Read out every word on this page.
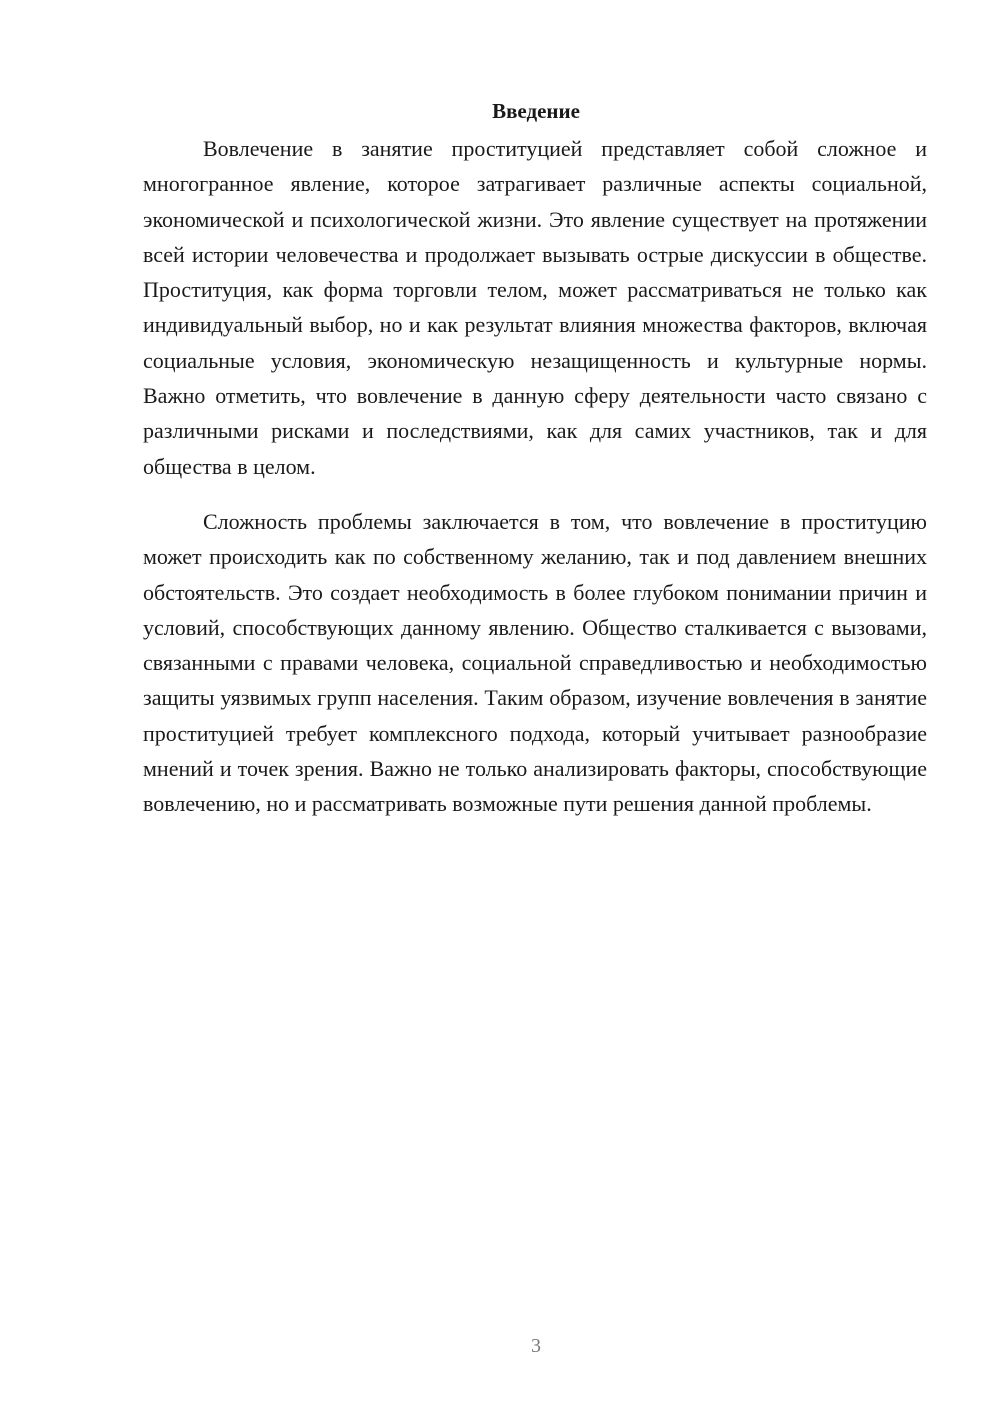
Введение

Вовлечение в занятие проституцией представляет собой сложное и многогранное явление, которое затрагивает различные аспекты социальной, экономической и психологической жизни. Это явление существует на протяжении всей истории человечества и продолжает вызывать острые дискуссии в обществе. Проституция, как форма торговли телом, может рассматриваться не только как индивидуальный выбор, но и как результат влияния множества факторов, включая социальные условия, экономическую незащищенность и культурные нормы. Важно отметить, что вовлечение в данную сферу деятельности часто связано с различными рисками и последствиями, как для самих участников, так и для общества в целом.

Сложность проблемы заключается в том, что вовлечение в проституцию может происходить как по собственному желанию, так и под давлением внешних обстоятельств. Это создает необходимость в более глубоком понимании причин и условий, способствующих данному явлению. Общество сталкивается с вызовами, связанными с правами человека, социальной справедливостью и необходимостью защиты уязвимых групп населения. Таким образом, изучение вовлечения в занятие проституцией требует комплексного подхода, который учитывает разнообразие мнений и точек зрения. Важно не только анализировать факторы, способствующие вовлечению, но и рассматривать возможные пути решения данной проблемы.

3
